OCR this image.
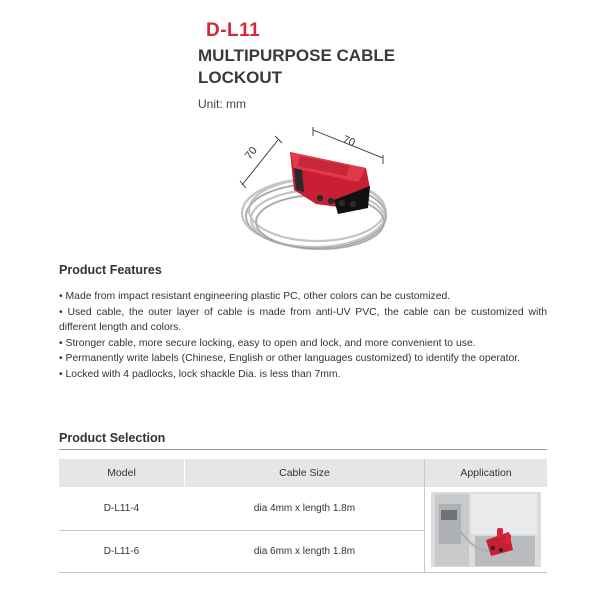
D-L11
MULTIPURPOSE CABLE LOCKOUT
Unit: mm
70
70
Product Features
• Made from impact resistant engineering plastic PC, other colors can be customized.
• Used cable, the outer layer of cable is made from anti-UV PVC, the cable can be customized with different length and colors.
• Stronger cable, more secure locking, easy to open and lock, and more convenient to use.
• Permanently write labels (Chinese, English or other languages customized) to identify the operator.
• Locked with 4 padlocks, lock shackle Dia. is less than 7mm.
Product Selection
Model	Cable Size	Application
D-L11-4	dia 4mm x length 1.8m
D-L11-6	dia 6mm x length 1.8m
